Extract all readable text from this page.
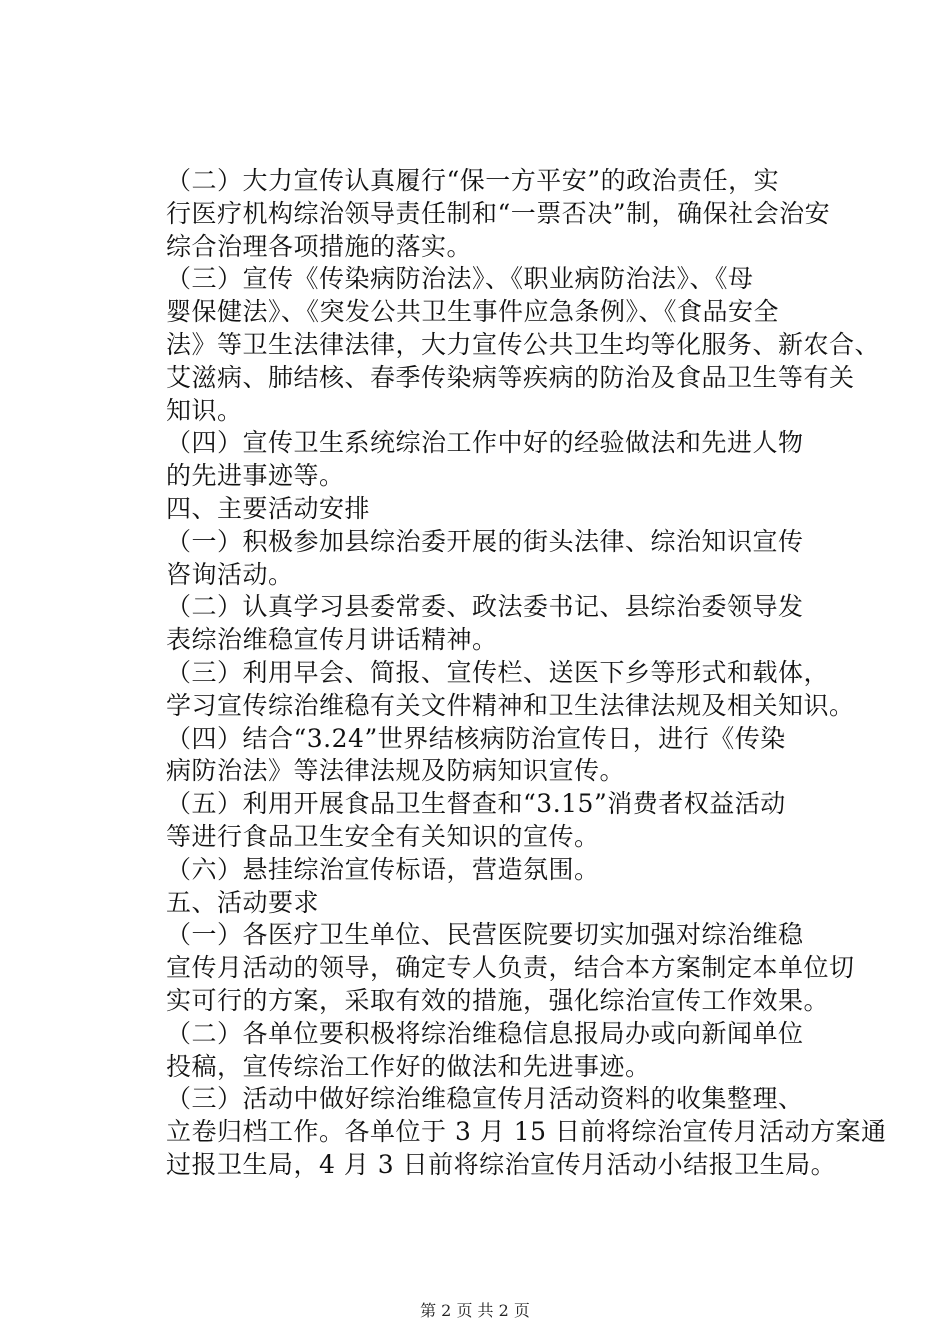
（二）大力宣传认真履行“保一方平安”的政治责任，实
行医疗机构综治领导责任制和“一票否决”制，确保社会治安
综合治理各项措施的落实。

（三）宣传《传染病防治法》、《职业病防治法》、《母
婴保健法》、《突发公共卫生事件应急条例》、《食品安全
法》等卫生法律法律，大力宣传公共卫生均等化服务、新农合、
艾滋病、肺结核、春季传染病等疾病的防治及食品卫生等有关
知识。

（四）宣传卫生系统综治工作中好的经验做法和先进人物
的先进事迹等。

四、主要活动安排

（一）积极参加县综治委开展的街头法律、综治知识宣传
咨询活动。

（二）认真学习县委常委、政法委书记、县综治委领导发
表综治维稳宣传月讲话精神。

（三）利用早会、简报、宣传栏、送医下乡等形式和载体，
学习宣传综治维稳有关文件精神和卫生法律法规及相关知识。

（四）结合“3.24”世界结核病防治宣传日，进行《传染
病防治法》等法律法规及防病知识宣传。

（五）利用开展食品卫生督查和“3.15”消费者权益活动
等进行食品卫生安全有关知识的宣传。

（六）悬挂综治宣传标语，营造氛围。

五、活动要求

（一）各医疗卫生单位、民营医院要切实加强对综治维稳
宣传月活动的领导，确定专人负责，结合本方案制定本单位切
实可行的方案，采取有效的措施，强化综治宣传工作效果。

（二）各单位要积极将综治维稳信息报局办或向新闻单位
投稿，宣传综治工作好的做法和先进事迹。

（三）活动中做好综治维稳宣传月活动资料的收集整理、
立卷归档工作。各单位于 3 月 15 日前将综治宣传月活动方案通
过报卫生局，4 月 3 日前将综治宣传月活动小结报卫生局。

第 2 页 共 2 页
